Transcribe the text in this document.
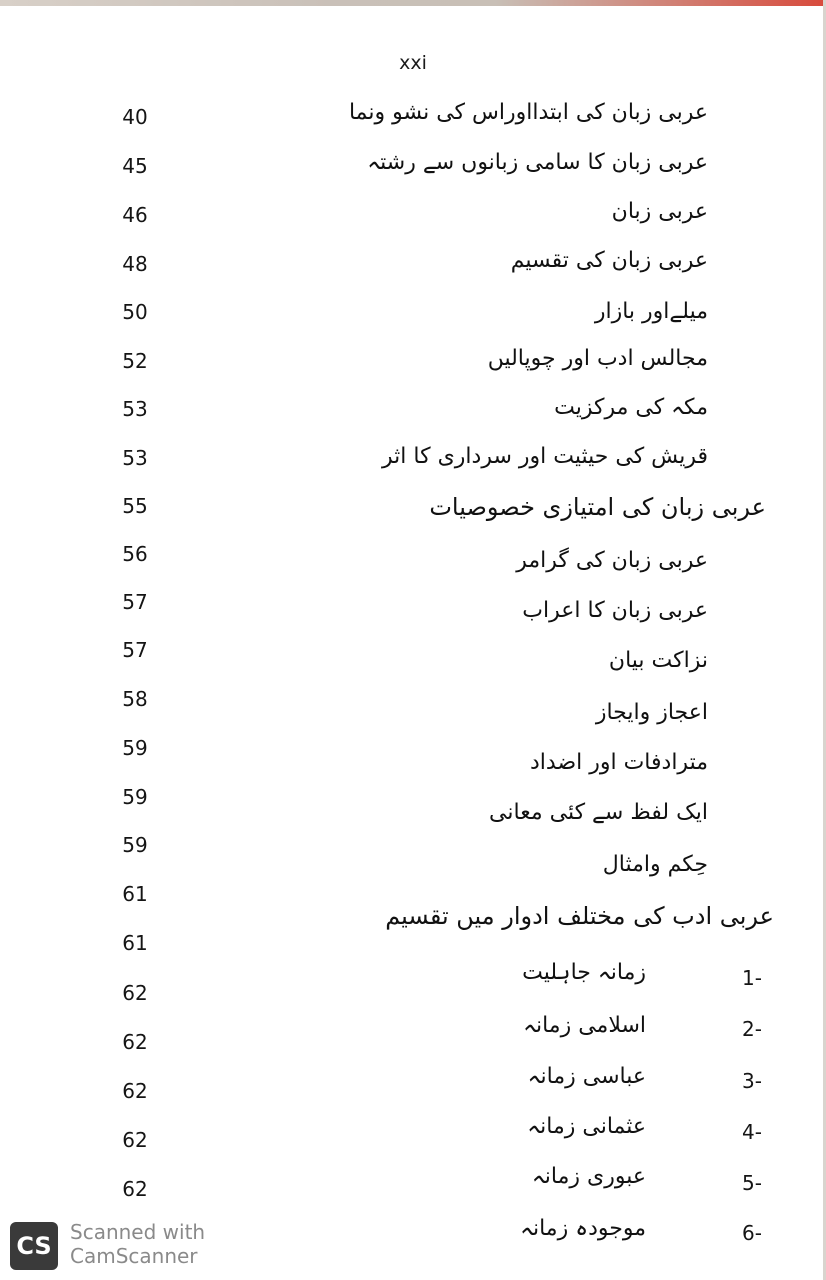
xxi
40
45
46
48
50
52
53
53
55
56
57
57
58
59
59
59
61
61
62
62
62
62
62
عربی زبان کی ابتدااوراس کی نشو ونما
عربی زبان کا سامی زبانوں سے رشتہ
عربی زبان
عربی زبان کی تقسیم
میلےاور بازار
مجالس ادب اور چوپالیں
مکہ کی مرکزیت
قریش کی حیثیت اور سرداری کا اثر
عربی زبان کی امتیازی خصوصیات
عربی زبان کی گرامر
عربی زبان کا اعراب
نزاکت بیان
اعجاز وایجاز
مترادفات اور اضداد
ایک لفظ سے کئی معانی
حِکم وامثال
عربی ادب کی مختلف ادوار میں تقسیم
زمانہ جاہلیت
اسلامی زمانہ
عباسی زمانہ
عثمانی زمانہ
عبوری زمانہ
موجودہ زمانہ
1-
2-
3-
4-
5-
6-
CS Scanned with
CamScanner
